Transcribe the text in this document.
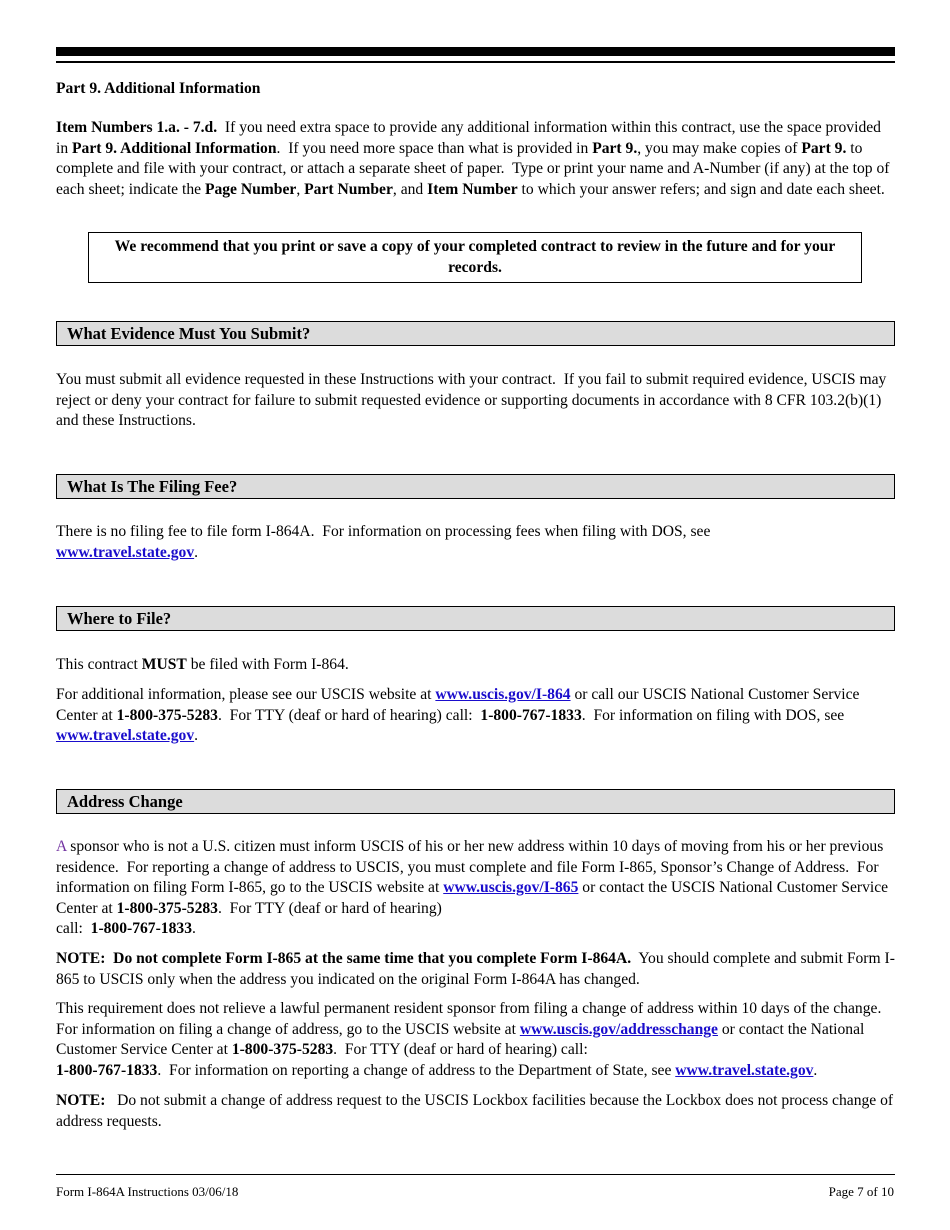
Part 9. Additional Information

Item Numbers 1.a. - 7.d.  If you need extra space to provide any additional information within this contract, use the space provided in Part 9. Additional Information.  If you need more space than what is provided in Part 9., you may make copies of Part 9. to complete and file with your contract, or attach a separate sheet of paper.  Type or print your name and A-Number (if any) at the top of each sheet; indicate the Page Number, Part Number, and Item Number to which your answer refers; and sign and date each sheet.

We recommend that you print or save a copy of your completed contract to review in the future and for your records.
What Evidence Must You Submit?

You must submit all evidence requested in these Instructions with your contract.  If you fail to submit required evidence, USCIS may reject or deny your contract for failure to submit requested evidence or supporting documents in accordance with 8 CFR 103.2(b)(1) and these Instructions.

What Is The Filing Fee?

There is no filing fee to file form I-864A.  For information on processing fees when filing with DOS, see
www.travel.state.gov.

Where to File?

This contract MUST be filed with Form I-864.

For additional information, please see our USCIS website at www.uscis.gov/I-864 or call our USCIS National Customer Service Center at 1-800-375-5283.  For TTY (deaf or hard of hearing) call:  1-800-767-1833.  For information on filing with DOS, see www.travel.state.gov.

Address Change

A sponsor who is not a U.S. citizen must inform USCIS of his or her new address within 10 days of moving from his or her previous residence.  For reporting a change of address to USCIS, you must complete and file Form I-865, Sponsor’s Change of Address.  For information on filing Form I-865, go to the USCIS website at www.uscis.gov/I-865 or contact the USCIS National Customer Service Center at 1-800-375-5283.  For TTY (deaf or hard of hearing)
call:  1-800-767-1833.

NOTE:  Do not complete Form I-865 at the same time that you complete Form I-864A.  You should complete and submit Form I-865 to USCIS only when the address you indicated on the original Form I-864A has changed.

This requirement does not relieve a lawful permanent resident sponsor from filing a change of address within 10 days of the change.  For information on filing a change of address, go to the USCIS website at www.uscis.gov/addresschange or contact the National Customer Service Center at 1-800-375-5283.  For TTY (deaf or hard of hearing) call:
1-800-767-1833.  For information on reporting a change of address to the Department of State, see www.travel.state.gov.

NOTE:   Do not submit a change of address request to the USCIS Lockbox facilities because the Lockbox does not process change of address requests.

Form I-864A Instructions 03/06/18	Page 7 of 10
